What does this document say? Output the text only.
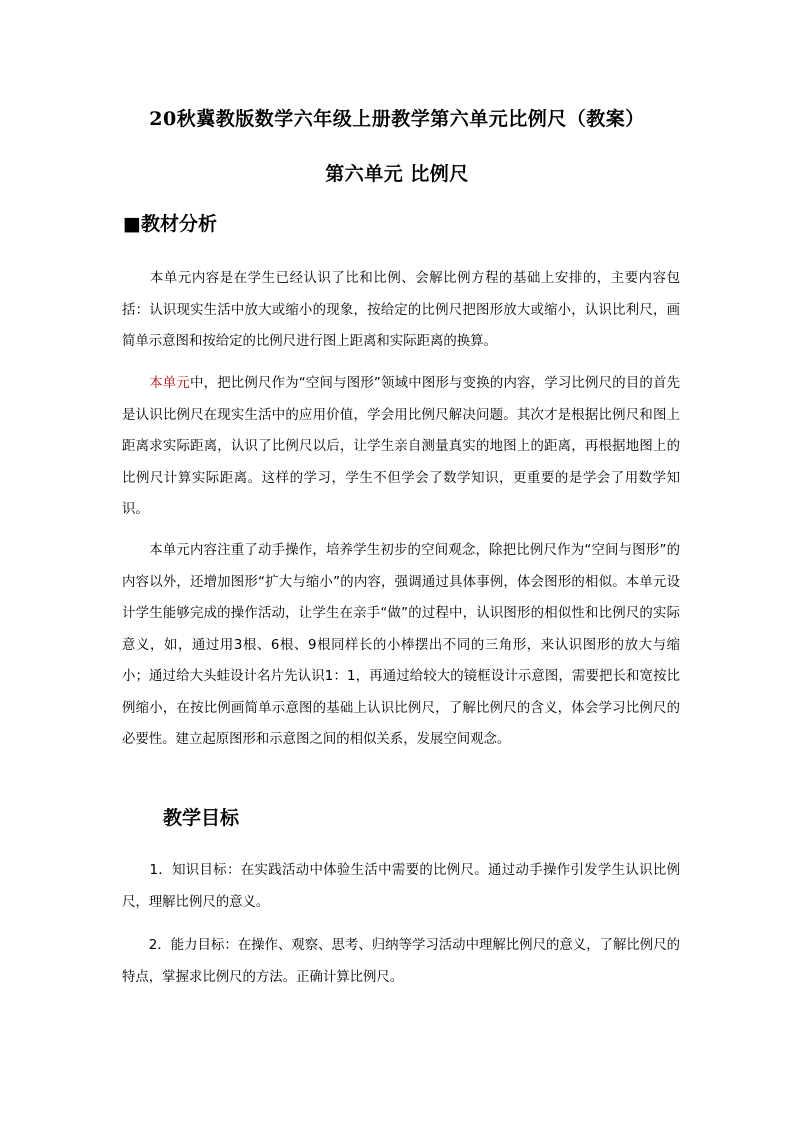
20秋冀教版数学六年级上册教学第六单元比例尺（教案）
第六单元 比例尺
■教材分析
　　本单元内容是在学生已经认识了比和比例、会解比例方程的基础上安排的，主要内容包括：认识现实生活中放大或缩小的现象，按给定的比例尺把图形放大或缩小，认识比利尺，画简单示意图和按给定的比例尺进行图上距离和实际距离的换算。
　　本单元中，把比例尺作为“空间与图形”领域中图形与变换的内容，学习比例尺的目的首先是认识比例尺在现实生活中的应用价值，学会用比例尺解决问题。其次才是根据比例尺和图上距离求实际距离，认识了比例尺以后，让学生亲自测量真实的地图上的距离，再根据地图上的比例尺计算实际距离。这样的学习，学生不但学会了数学知识，更重要的是学会了用数学知识。
　　本单元内容注重了动手操作，培养学生初步的空间观念，除把比例尺作为“空间与图形”的内容以外，还增加图形“扩大与缩小”的内容，强调通过具体事例，体会图形的相似。本单元设计学生能够完成的操作活动，让学生在亲手“做”的过程中，认识图形的相似性和比例尺的实际意义，如，通过用3根、6根、9根同样长的小棒摆出不同的三角形，来认识图形的放大与缩小；通过给大头蛙设计名片先认识1：1，再通过给较大的镜框设计示意图，需要把长和宽按比例缩小，在按比例画简单示意图的基础上认识比例尺，了解比例尺的含义，体会学习比例尺的必要性。建立起原图形和示意图之间的相似关系，发展空间观念。
教学目标
　　1．知识目标：在实践活动中体验生活中需要的比例尺。通过动手操作引发学生认识比例尺，理解比例尺的意义。
　　2．能力目标：在操作、观察、思考、归纳等学习活动中理解比例尺的意义，了解比例尺的特点，掌握求比例尺的方法。正确计算比例尺。
